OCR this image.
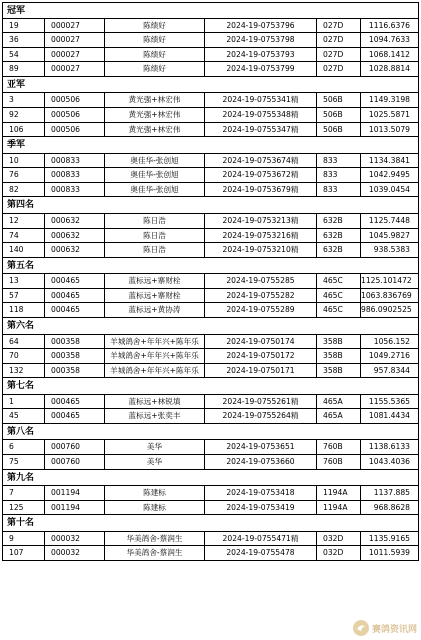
冠军
19	000027	陈绩好	2024-19-0753796	027D	1116.6376
36	000027	陈绩好	2024-19-0753798	027D	1094.7633
54	000027	陈绩好	2024-19-0753793	027D	1068.1412
89	000027	陈绩好	2024-19-0753799	027D	1028.8814
亚军
3	000506	黄光强+林宏伟	2024-19-0755341精	506B	1149.3198
92	000506	黄光强+林宏伟	2024-19-0755348精	506B	1025.5871
106	000506	黄光强+林宏伟	2024-19-0755347精	506B	1013.5079
季军
10	000833	奥佳华-张创旭	2024-19-0753674精	833	1134.3841
76	000833	奥佳华-张创旭	2024-19-0753672精	833	1042.9495
82	000833	奥佳华-张创旭	2024-19-0753679精	833	1039.0454
第四名
12	000632	陈日浩	2024-19-0753213精	632B	1125.7448
74	000632	陈日浩	2024-19-0753216精	632B	1045.9827
140	000632	陈日浩	2024-19-0753210精	632B	938.5383
第五名
13	000465	蓝标远+寨财栓	2024-19-0755285	465C	1125.101472
57	000465	蓝标远+寨财栓	2024-19-0755282	465C	1063.836769
118	000465	蓝标远+黄协涛	2024-19-0755289	465C	986.0902525
第六名
64	000358	羊城鸽舍+年年兴+陈年乐	2024-19-0750174	358B	1056.152
70	000358	羊城鸽舍+年年兴+陈年乐	2024-19-0750172	358B	1049.2716
132	000358	羊城鸽舍+年年兴+陈年乐	2024-19-0750171	358B	957.8344
第七名
1	000465	蓝标远+林锐填	2024-19-0755261精	465A	1155.5365
45	000465	蓝标远+张奕丰	2024-19-0755264精	465A	1081.4434
第八名
6	000760	美华	2024-19-0753651	760B	1138.6133
75	000760	美华	2024-19-0753660	760B	1043.4036
第九名
7	001194	陈建标	2024-19-0753418	1194A	1137.885
125	001194	陈建标	2024-19-0753419	1194A	968.8628
第十名
9	000032	华美鸽舍-蔡润生	2024-19-0755471精	032D	1135.9165
107	000032	华美鸽舍-蔡润生	2024-19-0755478	032D	1011.5939
赛鸽资讯网
